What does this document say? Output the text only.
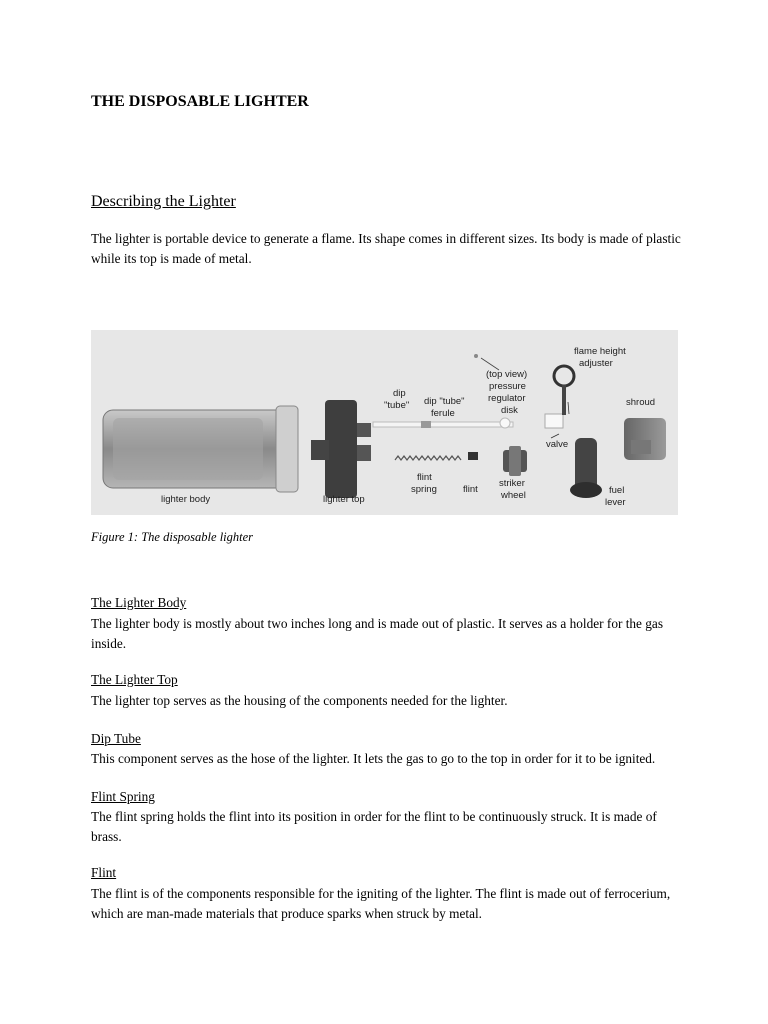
THE DISPOSABLE LIGHTER
Describing the Lighter

The lighter is portable device to generate a flame. Its shape comes in different sizes. Its body is made of plastic while its top is made of metal.

flame height
adjuster
(top view)
pressure
regulator
disk
dip
"tube" dip "tube"
ferule
shroud
valve
flint
spring	flint
striker
wheel	fuel
lever
lighter body	lighter top

Figure 1: The disposable lighter

The Lighter Body

The lighter body is mostly about two inches long and is made out of plastic. It serves as a holder for the gas inside.

The Lighter Top

The lighter top serves as the housing of the components needed for the lighter.

Dip Tube

This component serves as the hose of the lighter. It lets the gas to go to the top in order for it to be ignited.

Flint Spring

The flint spring holds the flint into its position in order for the flint to be continuously struck. It is made of brass.

Flint

The flint is of the components responsible for the igniting of the lighter. The flint is made out of ferrocerium, which are man-made materials that produce sparks when struck by metal.
